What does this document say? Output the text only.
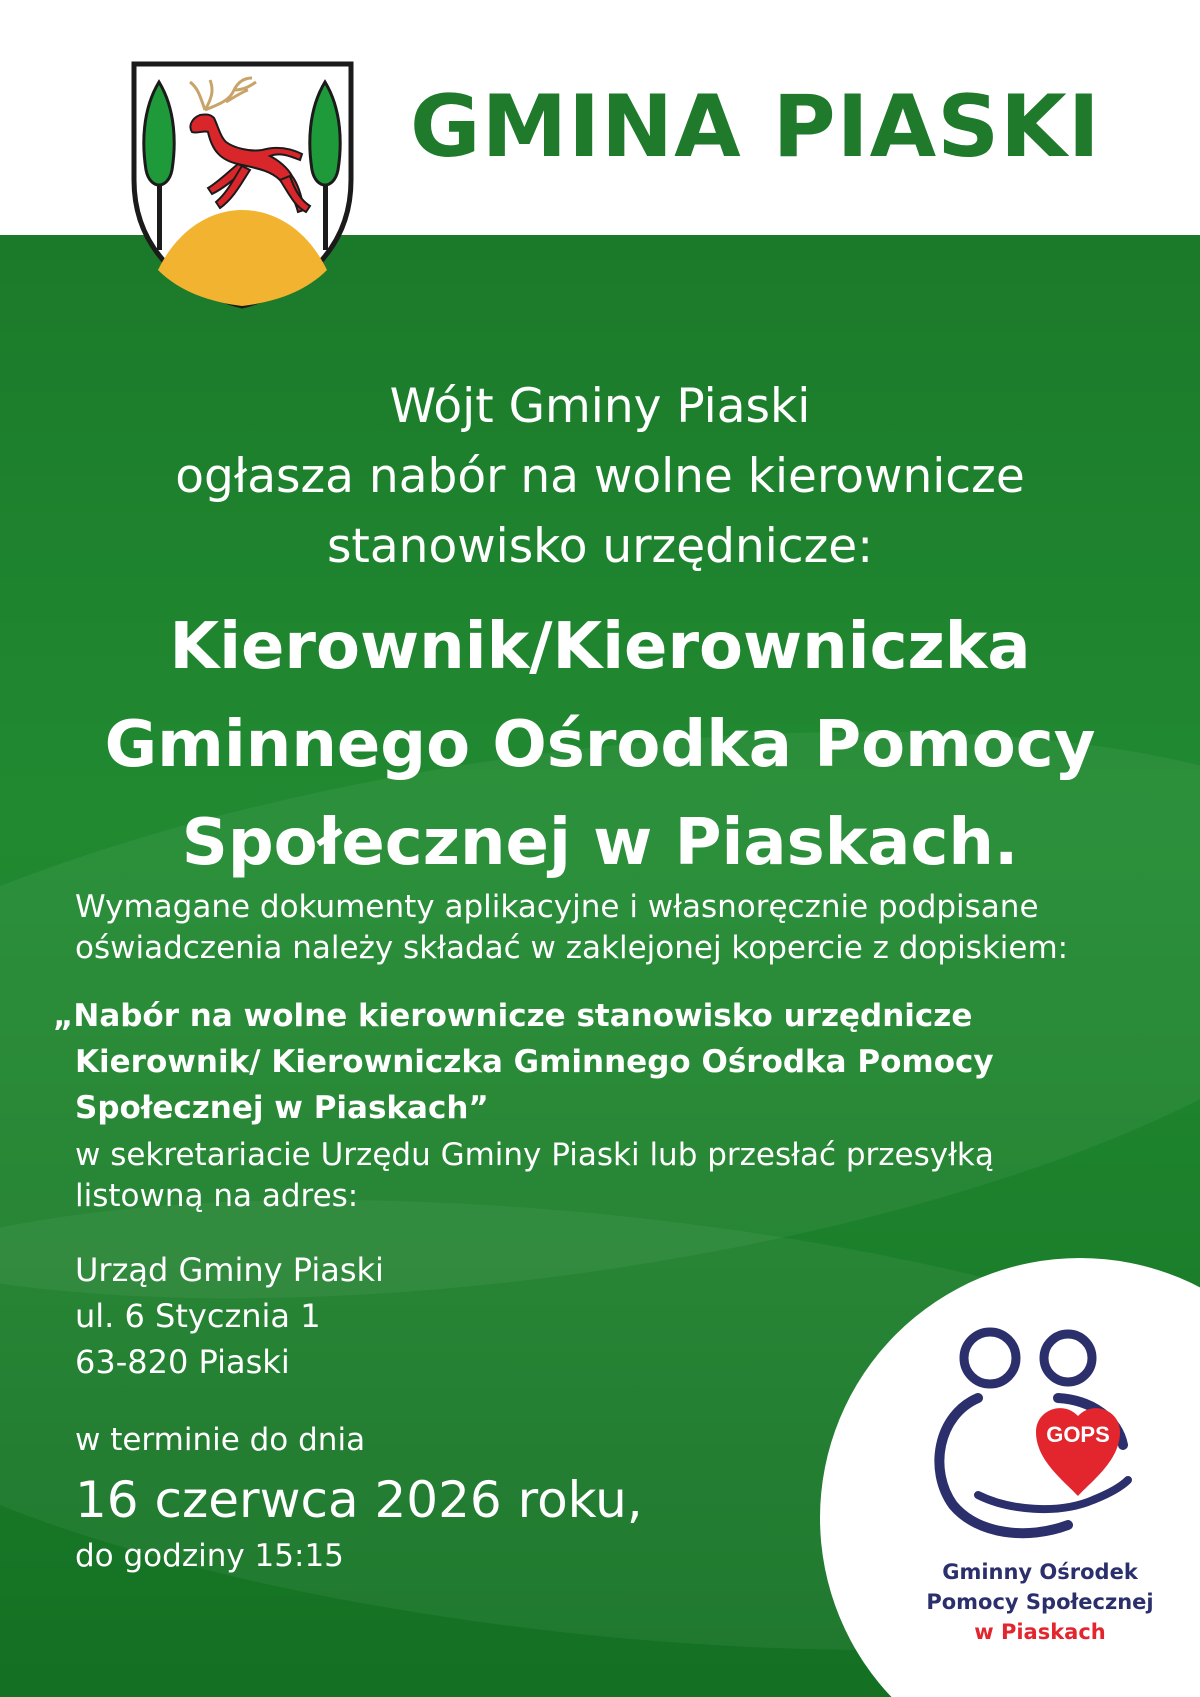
GMINA PIASKI
Wójt Gminy Piaski
ogłasza nabór na wolne kierownicze
stanowisko urzędnicze:
Kierownik/Kierowniczka
Gminnego Ośrodka Pomocy
Społecznej w Piaskach.
Wymagane dokumenty aplikacyjne i własnoręcznie podpisane
oświadczenia należy składać w zaklejonej kopercie z dopiskiem:
„Nabór na wolne kierownicze stanowisko urzędnicze
Kierownik/ Kierowniczka Gminnego Ośrodka Pomocy
Społecznej w Piaskach”
w sekretariacie Urzędu Gminy Piaski lub przesłać przesyłką
listowną na adres:
Urząd Gminy Piaski
ul. 6 Stycznia 1
63-820 Piaski
w terminie do dnia
16 czerwca 2026 roku,
do godziny 15:15
GOPS
Gminny Ośrodek
Pomocy Społecznej
w Piaskach
